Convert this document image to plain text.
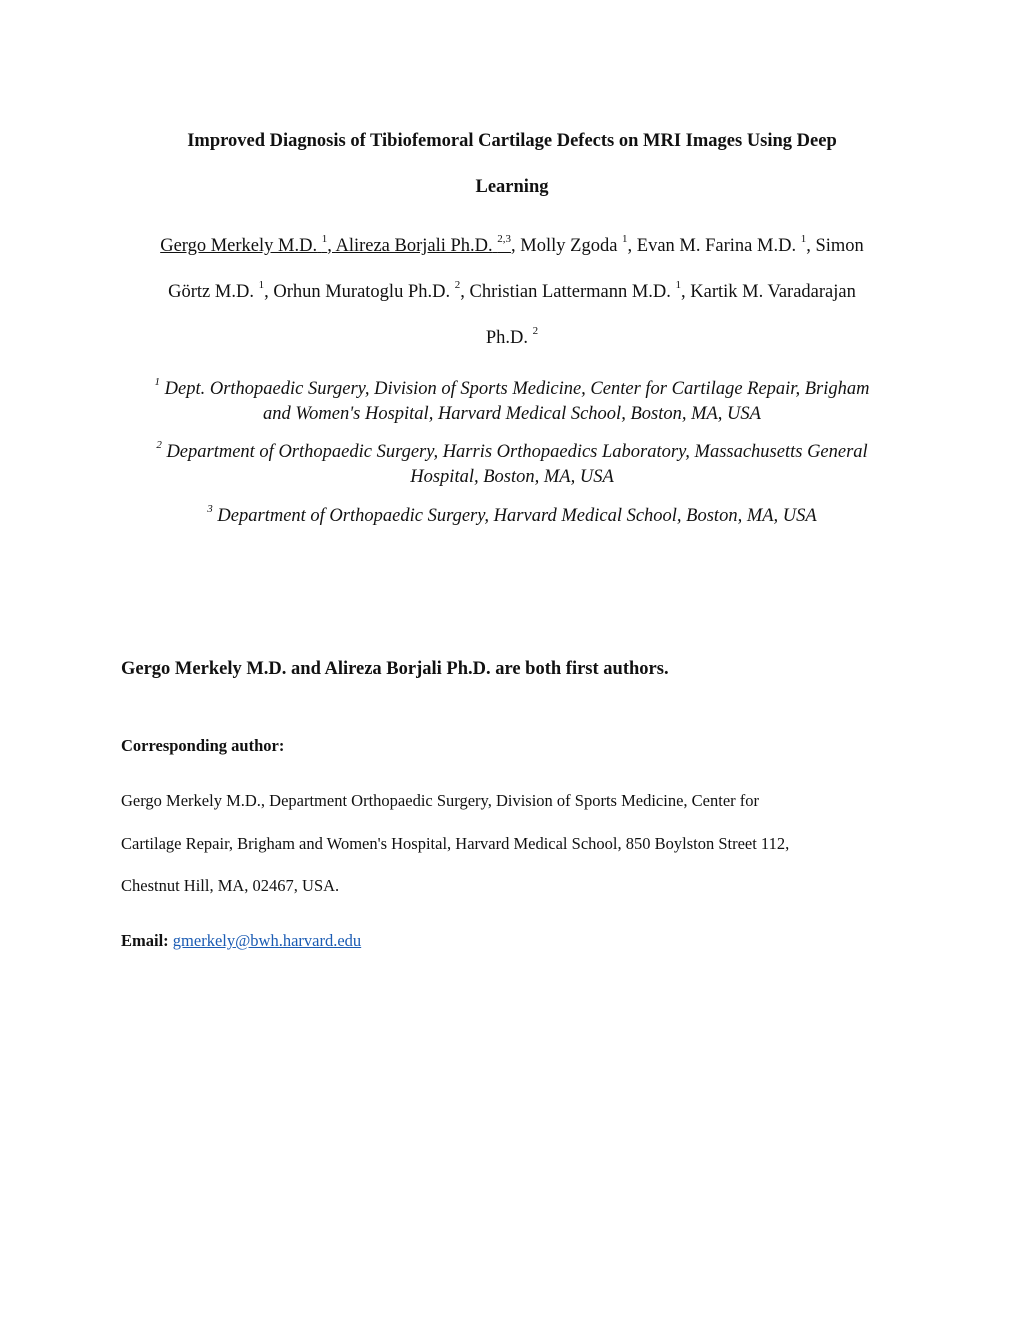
Improved Diagnosis of Tibiofemoral Cartilage Defects on MRI Images Using Deep
Learning
Gergo Merkely M.D. $^1$, Alireza Borjali Ph.D. $^{2,3}$, Molly Zgoda $^1$, Evan M. Farina M.D. $^1$, Simon
Görtz M.D. $^1$, Orhun Muratoglu Ph.D. $^2$, Christian Lattermann M.D. $^1$, Kartik M. Varadarajan
Ph.D. $^2$
$^1$ Dept. Orthopaedic Surgery, Division of Sports Medicine, Center for Cartilage Repair, Brigham
and Women's Hospital, Harvard Medical School, Boston, MA, USA
$^2$ Department of Orthopaedic Surgery, Harris Orthopaedics Laboratory, Massachusetts General
Hospital, Boston, MA, USA
$^3$ Department of Orthopaedic Surgery, Harvard Medical School, Boston, MA, USA
Gergo Merkely M.D. and Alireza Borjali Ph.D. are both first authors.
Corresponding author:
Gergo Merkely M.D., Department Orthopaedic Surgery, Division of Sports Medicine, Center for
Cartilage Repair, Brigham and Women's Hospital, Harvard Medical School, 850 Boylston Street 112,
Chestnut Hill, MA, 02467, USA.
Email: gmerkely@bwh.harvard.edu
